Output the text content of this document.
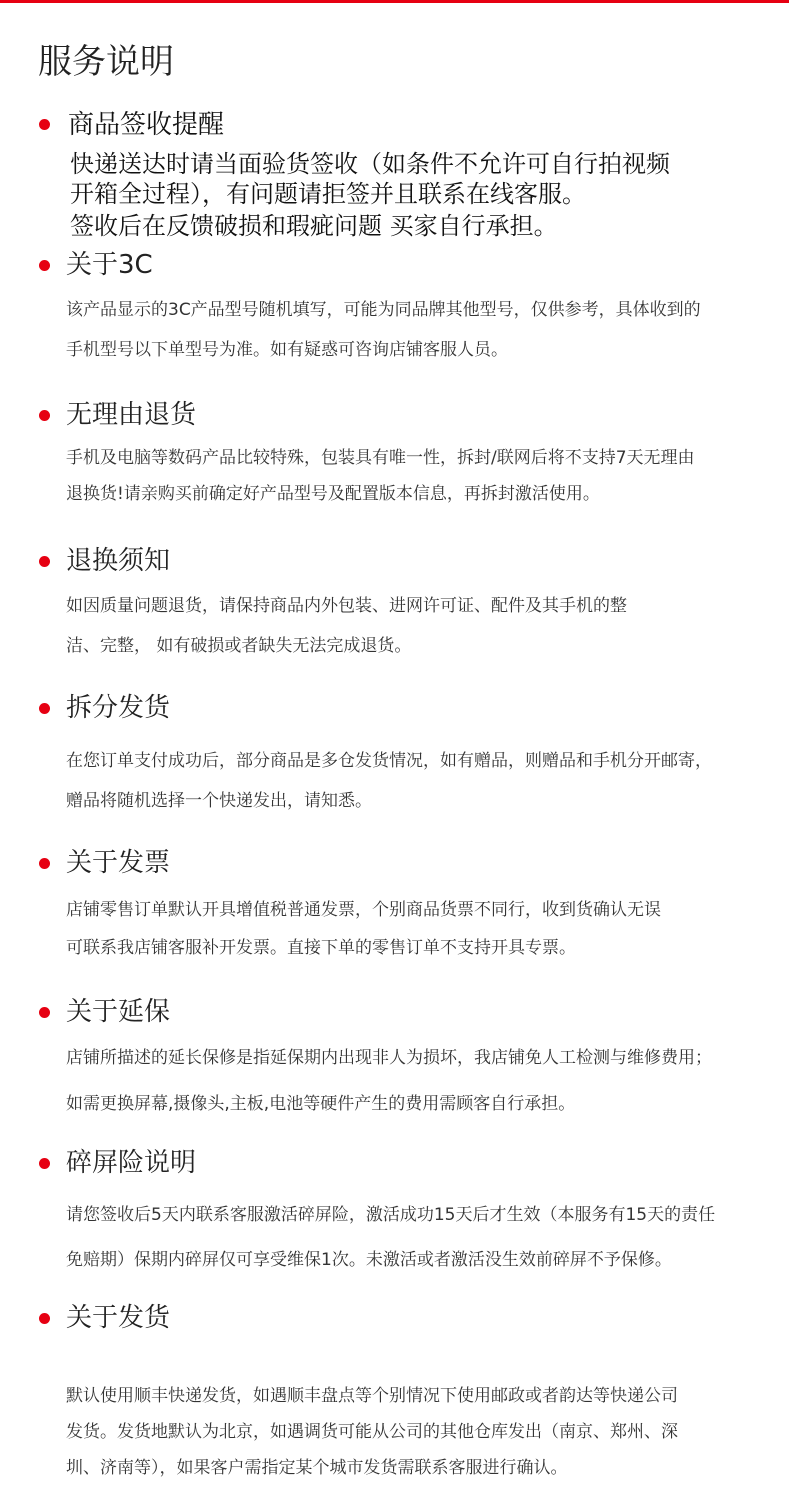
服务说明
商品签收提醒

快递送达时请当面验货签收（如条件不允许可自行拍视频

开箱全过程），有问题请拒签并且联系在线客服。

签收后在反馈破损和瑕疵问题 买家自行承担。

关于3C

该产品显示的3C产品型号随机填写，可能为同品牌其他型号，仅供参考，具体收到的

手机型号以下单型号为准。如有疑惑可咨询店铺客服人员。

无理由退货

手机及电脑等数码产品比较特殊，包装具有唯一性，拆封/联网后将不支持7天无理由

退换货!请亲购买前确定好产品型号及配置版本信息，再拆封激活使用。

退换须知

如因质量问题退货，请保持商品内外包装、进网许可证、配件及其手机的整

洁、完整， 如有破损或者缺失无法完成退货。

拆分发货

在您订单支付成功后，部分商品是多仓发货情况，如有赠品，则赠品和手机分开邮寄，

赠品将随机选择一个快递发出，请知悉。

关于发票

店铺零售订单默认开具增值税普通发票，个别商品货票不同行，收到货确认无误

可联系我店铺客服补开发票。直接下单的零售订单不支持开具专票。

关于延保

店铺所描述的延长保修是指延保期内出现非人为损坏，我店铺免人工检测与维修费用；

如需更换屏幕,摄像头,主板,电池等硬件产生的费用需顾客自行承担。

碎屏险说明

请您签收后5天内联系客服激活碎屏险，激活成功15天后才生效（本服务有15天的责任

免赔期）保期内碎屏仅可享受维保1次。未激活或者激活没生效前碎屏不予保修。

关于发货

默认使用顺丰快递发货，如遇顺丰盘点等个别情况下使用邮政或者韵达等快递公司

发货。发货地默认为北京，如遇调货可能从公司的其他仓库发出（南京、郑州、深

圳、济南等），如果客户需指定某个城市发货需联系客服进行确认。
